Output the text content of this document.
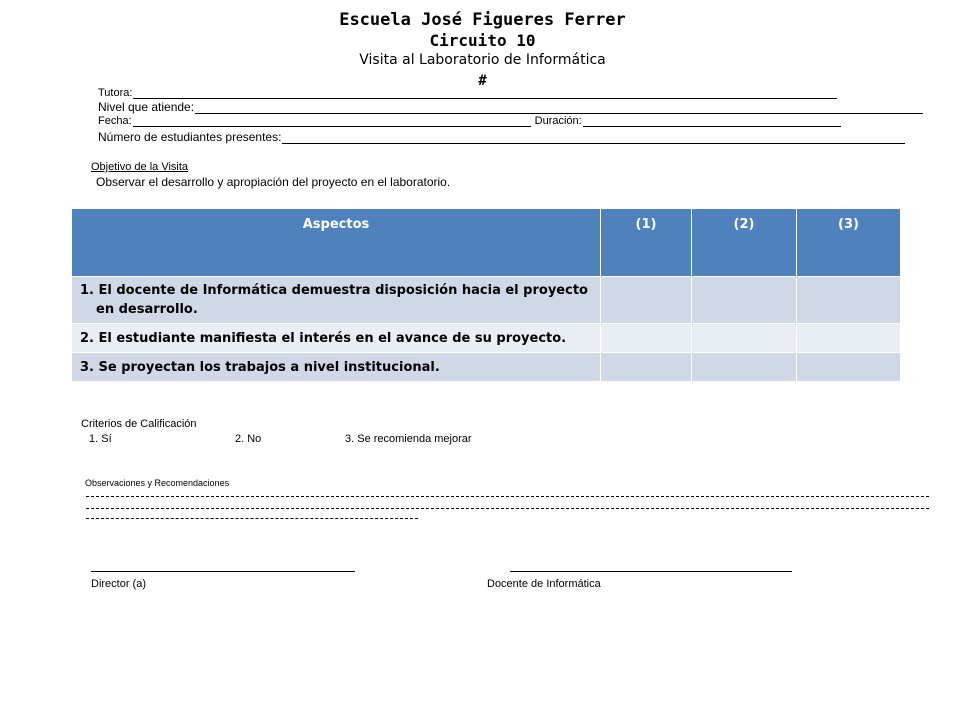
Escuela José Figueres Ferrer
Circuito 10
Visita al Laboratorio de Informática
#
Tutora:
Nivel que atiende:
Fecha:	Duración:
Número de estudiantes presentes:
Objetivo de la Visita
Observar el desarrollo y apropiación del proyecto en el laboratorio.
Aspectos	(1)	(2)	(3)

1. El docente de Informática demuestra disposición hacia el proyecto en desarrollo.			

2. El estudiante manifiesta el interés en el avance de su proyecto.			
3. Se proyectan los trabajos a nivel institucional.			
Criterios de Calificación
1. Sí	2. No	3. Se recomienda mejorar
Observaciones y Recomendaciones
Director (a)	Docente de Informática
